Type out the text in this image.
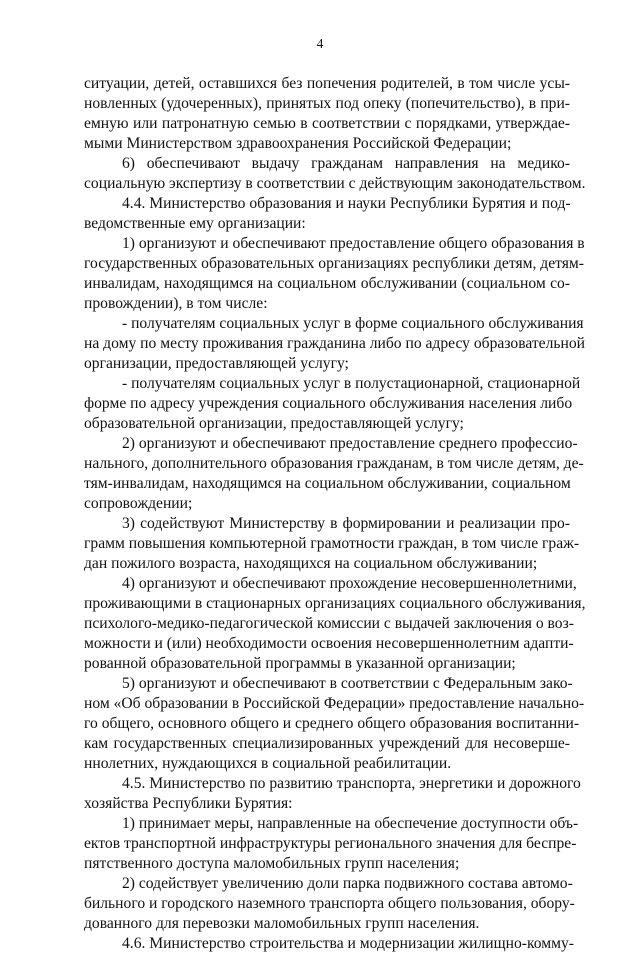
4
ситуации, детей, оставшихся без попечения родителей, в том числе усы-
новленных (удочеренных), принятых под опеку (попечительство), в при-
емную или патронатную семью в соответствии с порядками, утверждае-
мыми Министерством здравоохранения Российской Федерации;
6) обеспечивают выдачу гражданам направления на медико-
социальную экспертизу в соответствии с действующим законодательством.
4.4. Министерство образования и науки Республики Бурятия и под-
ведомственные ему организации:
1) организуют и обеспечивают предоставление общего образования в
государственных образовательных организациях республики детям, детям-
инвалидам, находящимся на социальном обслуживании (социальном со-
провождении), в том числе:
- получателям социальных услуг в форме социального обслуживания
на дому по месту проживания гражданина либо по адресу образовательной
организации, предоставляющей услугу;
- получателям социальных услуг в полустационарной, стационарной
форме по адресу учреждения социального обслуживания населения либо
образовательной организации, предоставляющей услугу;
2) организуют и обеспечивают предоставление среднего профессио-
нального, дополнительного образования гражданам, в том числе детям, де-
тям-инвалидам, находящимся на социальном обслуживании, социальном
сопровождении;
3) содействуют Министерству в формировании и реализации про-
грамм повышения компьютерной грамотности граждан, в том числе граж-
дан пожилого возраста, находящихся на социальном обслуживании;
4) организуют и обеспечивают прохождение несовершеннолетними,
проживающими в стационарных организациях социального обслуживания,
психолого-медико-педагогической комиссии с выдачей заключения о воз-
можности и (или) необходимости освоения несовершеннолетним адапти-
рованной образовательной программы в указанной организации;
5) организуют и обеспечивают в соответствии с Федеральным зако-
ном «Об образовании в Российской Федерации» предоставление начально-
го общего, основного общего и среднего общего образования воспитанни-
кам государственных специализированных учреждений для несоверше-
ннолетних, нуждающихся в социальной реабилитации.
4.5. Министерство по развитию транспорта, энергетики и дорожного
хозяйства Республики Бурятия:
1) принимает меры, направленные на обеспечение доступности объ-
ектов транспортной инфраструктуры регионального значения для беспре-
пятственного доступа маломобильных групп населения;
2) содействует увеличению доли парка подвижного состава автомо-
бильного и городского наземного транспорта общего пользования, обору-
дованного для перевозки маломобильных групп населения.
4.6. Министерство строительства и модернизации жилищно-комму-
